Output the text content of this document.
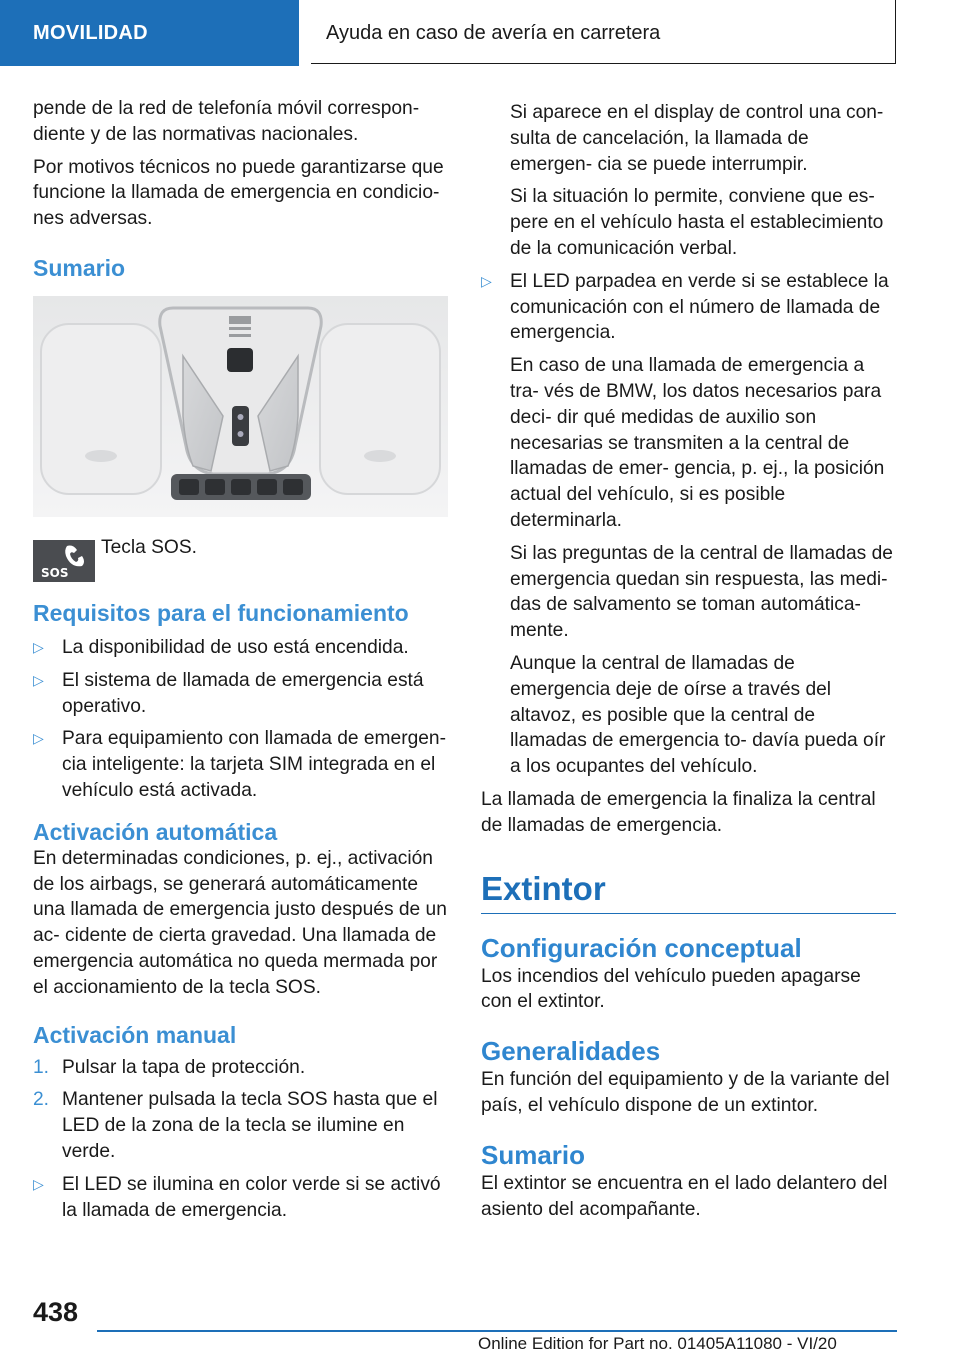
MOVILIDAD	Ayuda en caso de avería en carretera

pende de la red de telefonía móvil correspon- diente y de las normativas nacionales.

Por motivos técnicos no puede garantizarse que funcione la llamada de emergencia en condicio- nes adversas.

Sumario
SOS
Tecla SOS.
Requisitos para el funcionamiento
▷ La disponibilidad de uso está encendida.
▷ El sistema de llamada de emergencia está operativo.
▷ Para equipamiento con llamada de emergen- cia inteligente: la tarjeta SIM integrada en el vehículo está activada.
Activación automática

En determinadas condiciones, p. ej., activación de los airbags, se generará automáticamente una llamada de emergencia justo después de un ac- cidente de cierta gravedad. Una llamada de emergencia automática no queda mermada por el accionamiento de la tecla SOS.

Activación manual
1. Pulsar la tapa de protección.
2. Mantener pulsada la tecla SOS hasta que el LED de la zona de la tecla se ilumine en verde.
▷ El LED se ilumina en color verde si se activó la llamada de emergencia.

Si aparece en el display de control una con- sulta de cancelación, la llamada de emergen- cia se puede interrumpir.

Si la situación lo permite, conviene que es- pere en el vehículo hasta el establecimiento de la comunicación verbal.

▷ El LED parpadea en verde si se establece la comunicación con el número de llamada de emergencia.

En caso de una llamada de emergencia a tra- vés de BMW, los datos necesarios para deci- dir qué medidas de auxilio son necesarias se transmiten a la central de llamadas de emer- gencia, p. ej., la posición actual del vehículo, si es posible determinarla.

Si las preguntas de la central de llamadas de emergencia quedan sin respuesta, las medi- das de salvamento se toman automática- mente.

Aunque la central de llamadas de emergencia deje de oírse a través del altavoz, es posible que la central de llamadas de emergencia to- davía pueda oír a los ocupantes del vehículo.

La llamada de emergencia la finaliza la central de llamadas de emergencia.

Extintor
Configuración conceptual

Los incendios del vehículo pueden apagarse con el extintor.

Generalidades

En función del equipamiento y de la variante del país, el vehículo dispone de un extintor.

Sumario

El extintor se encuentra en el lado delantero del asiento del acompañante.

438
Online Edition for Part no. 01405A11080 - VI/20
